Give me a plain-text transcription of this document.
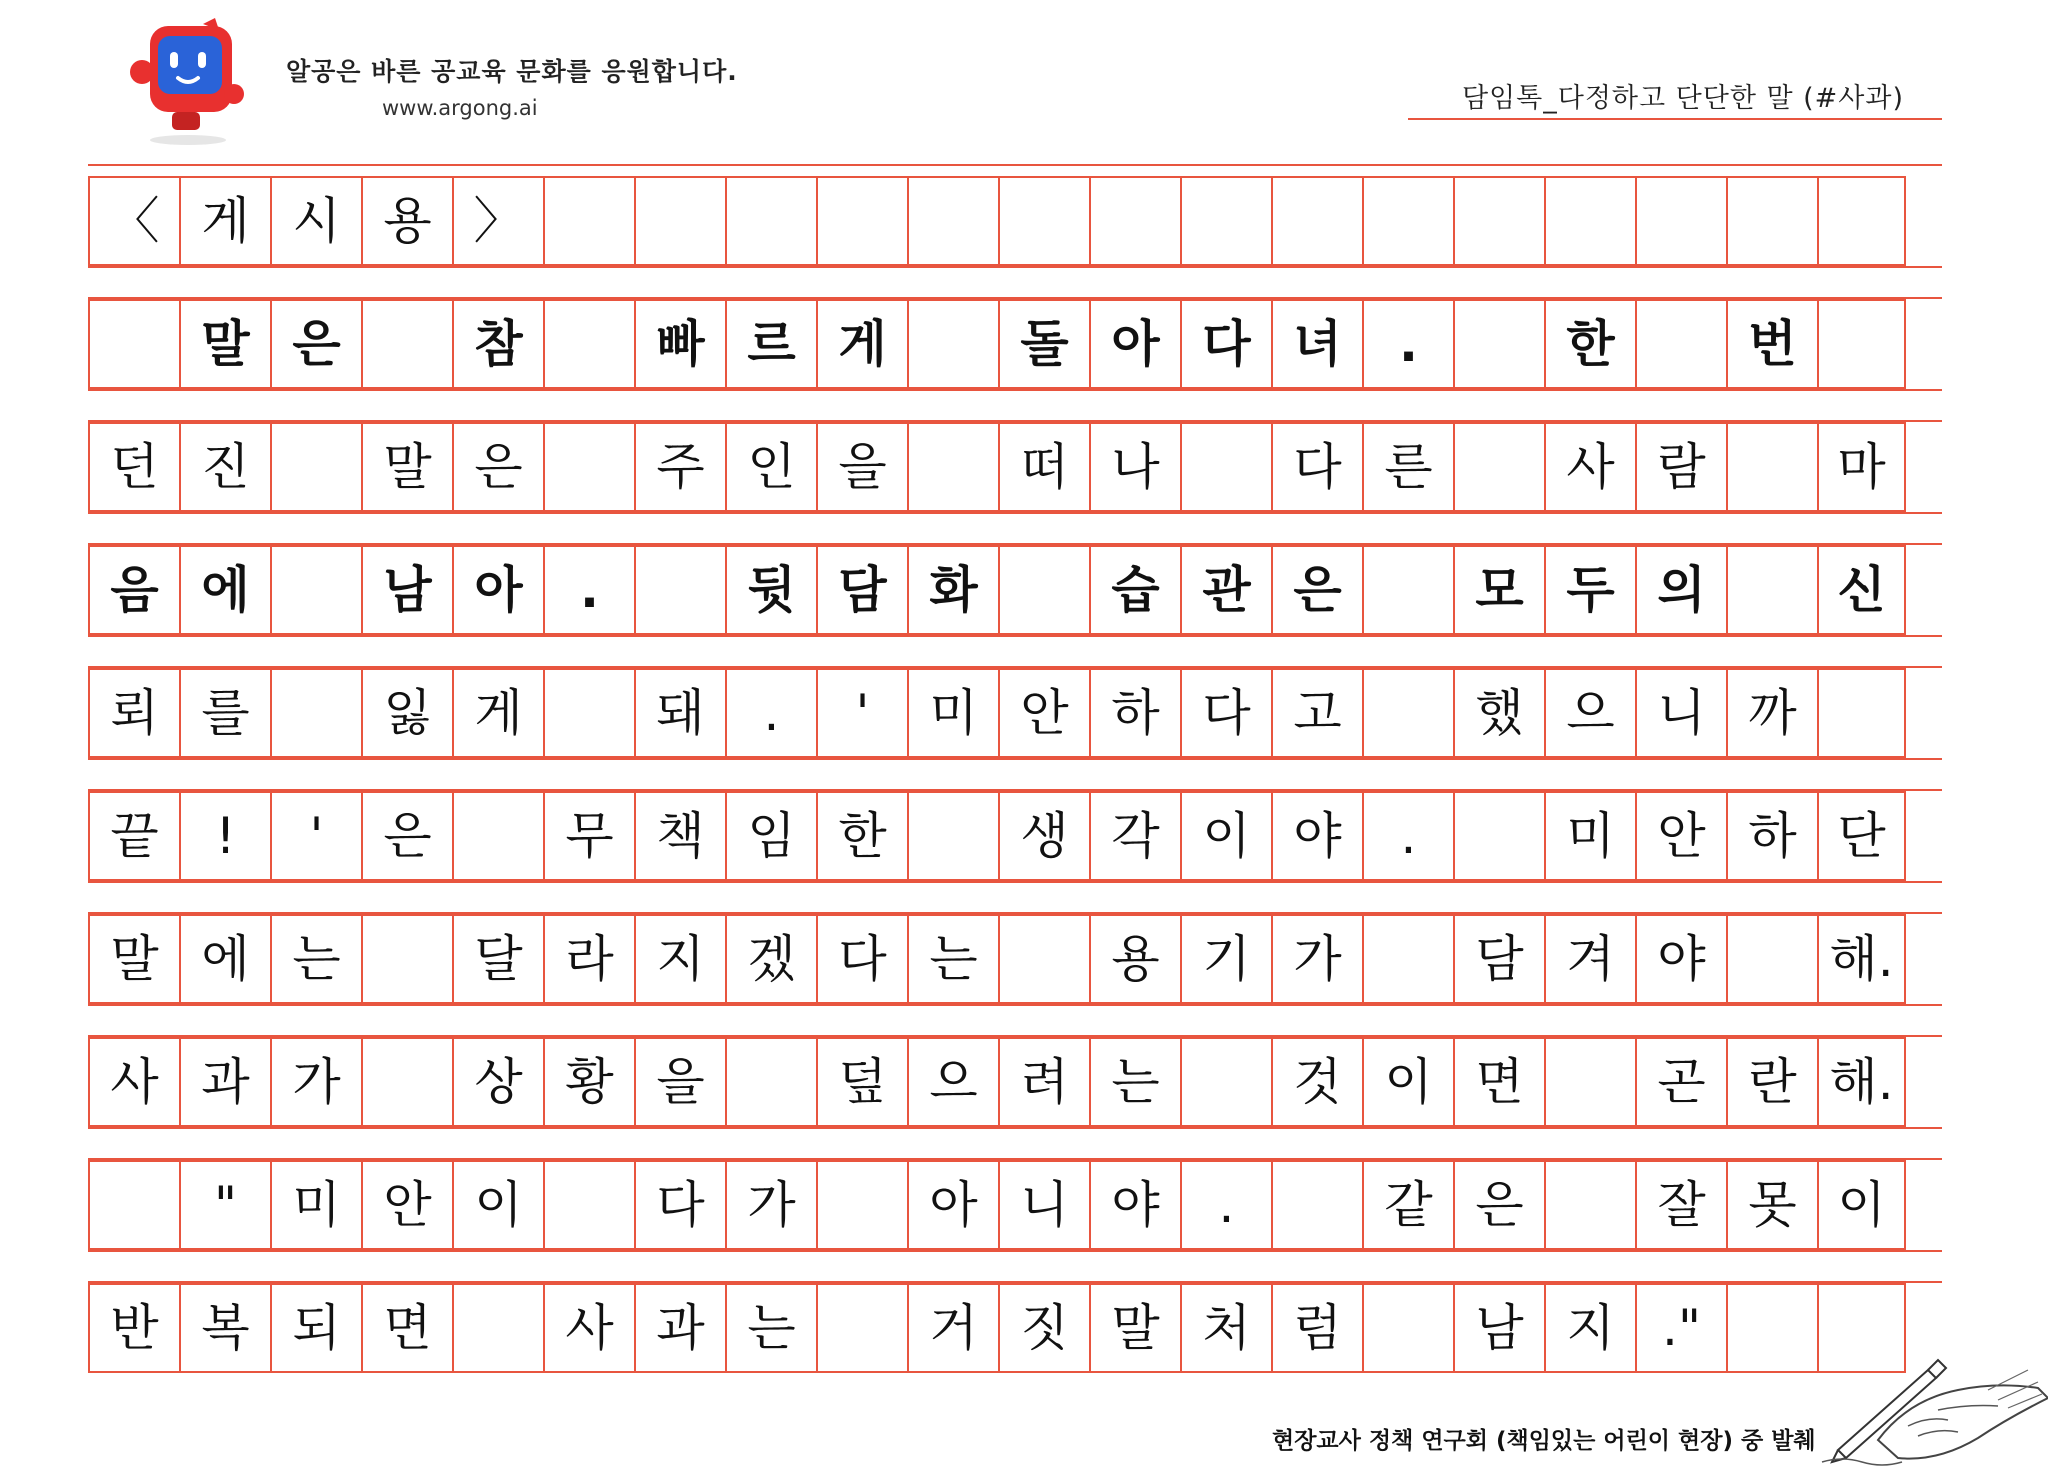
알공은 바른 공교육 문화를 응원합니다.
www.argong.ai	담임톡_다정하고 단단한 말 (#사과)
〈 게 시 용 〉
말 은	참	빠 르 게	돌 아 다 녀	.	한	번
던 진	말 은	주 인 을	떠 나	다 른	사 람	마
음 에	남 아	.	뒷 담 화	습 관 은	모 두 의	신
뢰 를	잃 게	돼	.	'	미 안 하 다 고	했 으 니 까
끝	!	'	은	무 책 임 한	생 각 이 야	.	미 안 하 단
말 에 는	달 라 지 겠 다 는	용 기 가	담 겨 야	해.
사 과 가	상 황 을	덮 으 려 는	것 이 면	곤 란 해.
"	미 안 이	다 가	아 니 야	.	같 은	잘 못 이
반 복 되 면	사 과 는	거 짓 말 처 럼	남 지 ."
현장교사 정책 연구회 (책임있는 어린이 현장) 중 발췌
